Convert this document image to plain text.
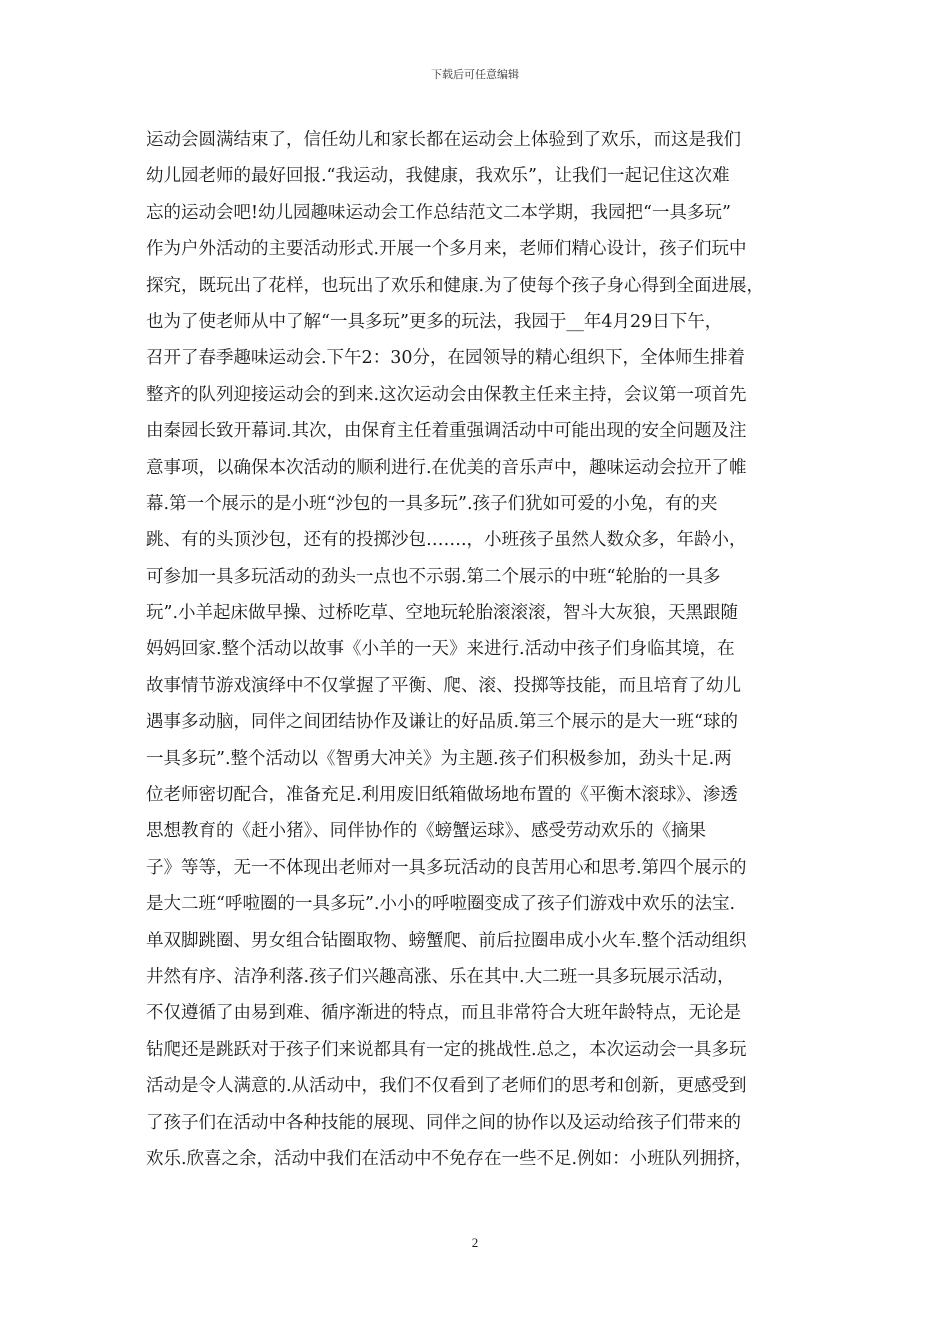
下载后可任意编辑
运动会圆满结束了，信任幼儿和家长都在运动会上体验到了欢乐，而这是我们
幼儿园老师的最好回报.“我运动，我健康，我欢乐”，让我们一起记住这次难
忘的运动会吧!幼儿园趣味运动会工作总结范文二本学期，我园把“一具多玩”
作为户外活动的主要活动形式.开展一个多月来，老师们精心设计，孩子们玩中
探究，既玩出了花样，也玩出了欢乐和健康.为了使每个孩子身心得到全面进展，
也为了使老师从中了解“一具多玩”更多的玩法，我园于__年4月29日下午，
召开了春季趣味运动会.下午2：30分，在园领导的精心组织下，全体师生排着
整齐的队列迎接运动会的到来.这次运动会由保教主任来主持，会议第一项首先
由秦园长致开幕词.其次，由保育主任着重强调活动中可能出现的安全问题及注
意事项，以确保本次活动的顺利进行.在优美的音乐声中，趣味运动会拉开了帷
幕.第一个展示的是小班“沙包的一具多玩”.孩子们犹如可爱的小兔，有的夹
跳、有的头顶沙包，还有的投掷沙包…….，小班孩子虽然人数众多，年龄小，
可参加一具多玩活动的劲头一点也不示弱.第二个展示的中班“轮胎的一具多
玩”.小羊起床做早操、过桥吃草、空地玩轮胎滚滚滚，智斗大灰狼，天黑跟随
妈妈回家.整个活动以故事《小羊的一天》来进行.活动中孩子们身临其境，在
故事情节游戏演绎中不仅掌握了平衡、爬、滚、投掷等技能，而且培育了幼儿
遇事多动脑，同伴之间团结协作及谦让的好品质.第三个展示的是大一班“球的
一具多玩”.整个活动以《智勇大冲关》为主题.孩子们积极参加，劲头十足.两
位老师密切配合，准备充足.利用废旧纸箱做场地布置的《平衡木滚球》、渗透
思想教育的《赶小猪》、同伴协作的《螃蟹运球》、感受劳动欢乐的《摘果
子》等等，无一不体现出老师对一具多玩活动的良苦用心和思考.第四个展示的
是大二班“呼啦圈的一具多玩”.小小的呼啦圈变成了孩子们游戏中欢乐的法宝.
单双脚跳圈、男女组合钻圈取物、螃蟹爬、前后拉圈串成小火车.整个活动组织
井然有序、洁净利落.孩子们兴趣高涨、乐在其中.大二班一具多玩展示活动，
不仅遵循了由易到难、循序渐进的特点，而且非常符合大班年龄特点，无论是
钻爬还是跳跃对于孩子们来说都具有一定的挑战性.总之，本次运动会一具多玩
活动是令人满意的.从活动中，我们不仅看到了老师们的思考和创新，更感受到
了孩子们在活动中各种技能的展现、同伴之间的协作以及运动给孩子们带来的
欢乐.欣喜之余，活动中我们在活动中不免存在一些不足.例如：小班队列拥挤，
2
